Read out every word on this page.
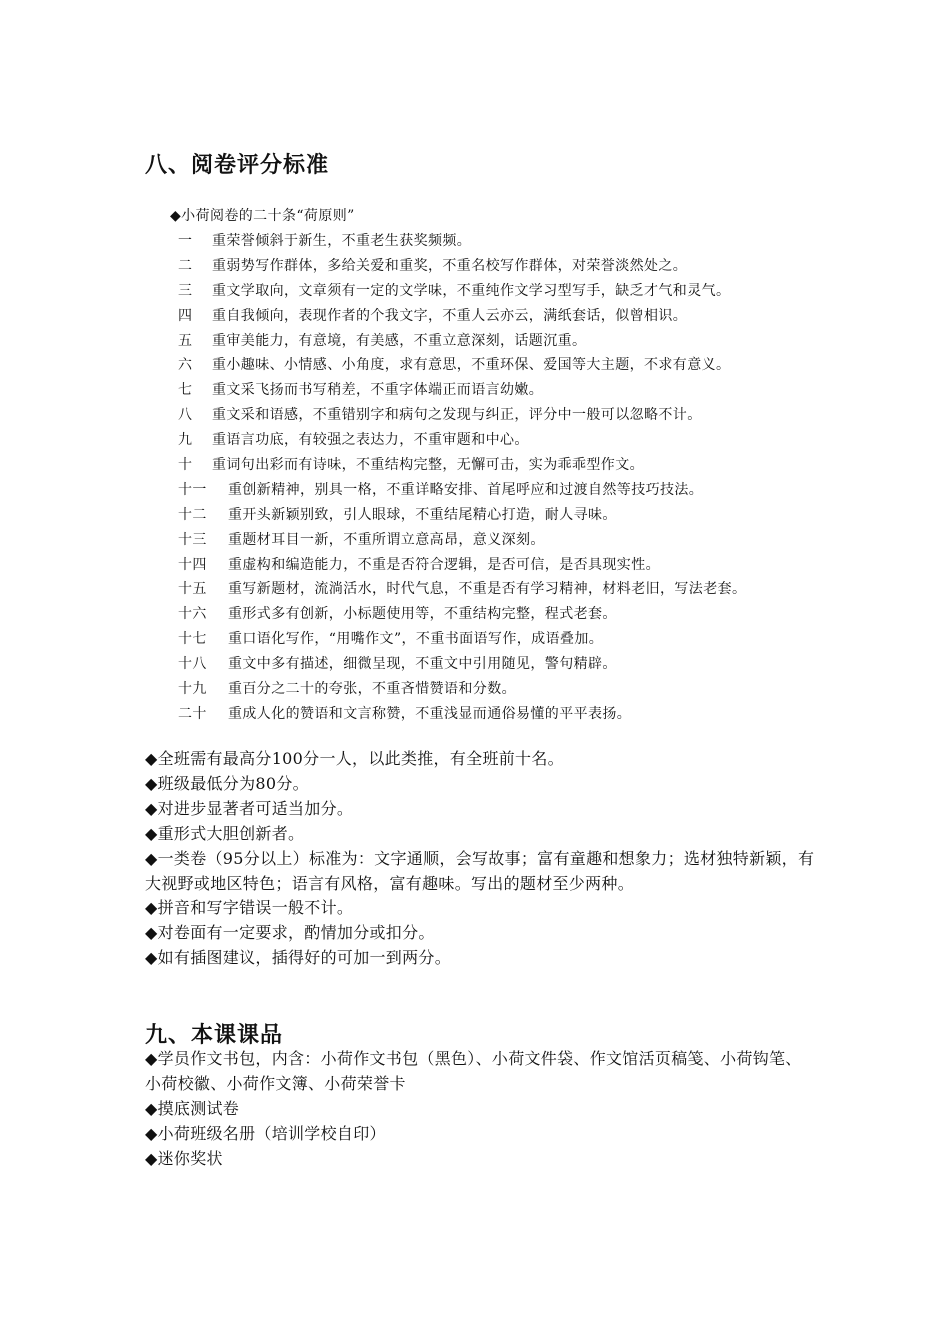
八、阅卷评分标准
◆小荷阅卷的二十条“荷原则”
一 重荣誉倾斜于新生，不重老生获奖频频。
二 重弱势写作群体，多给关爱和重奖，不重名校写作群体，对荣誉淡然处之。
三 重文学取向，文章须有一定的文学味，不重纯作文学习型写手，缺乏才气和灵气。
四 重自我倾向，表现作者的个我文字，不重人云亦云，满纸套话，似曾相识。
五 重审美能力，有意境，有美感，不重立意深刻，话题沉重。
六 重小趣味、小情感、小角度，求有意思，不重环保、爱国等大主题，不求有意义。
七 重文采飞扬而书写稍差，不重字体端正而语言幼嫩。
八 重文采和语感，不重错别字和病句之发现与纠正，评分中一般可以忽略不计。
九 重语言功底，有较强之表达力，不重审题和中心。
十 重词句出彩而有诗味，不重结构完整，无懈可击，实为乖乖型作文。
十一 重创新精神，别具一格，不重详略安排、首尾呼应和过渡自然等技巧技法。
十二 重开头新颖别致，引人眼球，不重结尾精心打造，耐人寻味。
十三 重题材耳目一新，不重所谓立意高昂，意义深刻。
十四 重虚构和编造能力，不重是否符合逻辑，是否可信，是否具现实性。
十五 重写新题材，流淌活水，时代气息，不重是否有学习精神，材料老旧，写法老套。
十六 重形式多有创新，小标题使用等，不重结构完整，程式老套。
十七 重口语化写作，“用嘴作文”，不重书面语写作，成语叠加。
十八 重文中多有描述，细微呈现，不重文中引用随见，警句精辟。
十九 重百分之二十的夸张，不重吝惜赞语和分数。
二十 重成人化的赞语和文言称赞，不重浅显而通俗易懂的平平表扬。
◆全班需有最高分100分一人，以此类推，有全班前十名。
◆班级最低分为80分。
◆对进步显著者可适当加分。
◆重形式大胆创新者。
◆一类卷（95分以上）标准为：文字通顺，会写故事；富有童趣和想象力；选材独特新颖，有大视野或地区特色；语言有风格，富有趣味。写出的题材至少两种。
◆拼音和写字错误一般不计。
◆对卷面有一定要求，酌情加分或扣分。
◆如有插图建议，插得好的可加一到两分。
九、本课课品
◆学员作文书包，内含：小荷作文书包（黑色）、小荷文件袋、作文馆活页稿笺、小荷钩笔、小荷校徽、小荷作文簿、小荷荣誉卡
◆摸底测试卷
◆小荷班级名册（培训学校自印）
◆迷你奖状
